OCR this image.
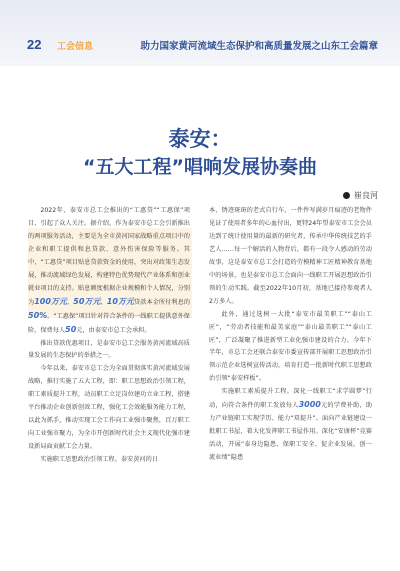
22 工会信息	助力国家黄河流域生态保护和高质量发展之山东工会篇章
泰安：
“五大工程”唱响发展协奏曲
崔良河

2022年，泰安市总工会推出的“工惠贷”“工惠保”项目，引起了众人关注。据介绍，作为泰安市总工会引新推出的两项服务活动，主要是为全市黄河国家战略重点项目中的企业和职工提供和息贷款、意外伤害保险等服务。其中，“工惠贷”项目贴息贷款资金的使用，突出对政策生态发展，推动流域绿色发展，构建特色优势现代产业体系和创业就业项目的支持。贴息额度根据企业规模和个人情况，分别为100万元、50万元、10万元贷款本金所付利息的50%。“工惠保”项目针对符合条件的一线职工提供意外保险，保费每人50元，由泰安市总工会承担。

推出贷款优惠项目，是泰安市总工会服务黄河流域高质量发展的生态保护的举措之一。

今年以来，泰安市总工会为全面贯彻落实黄河流域发展战略，推行实施了五大工程，即：职工思想政治引领工程，职工素质提升工程，动员职工立足岗位建功立业工程，搭建平台推动企业创新创效工程，强化工会效能服务能力工程，以此为抓手，推动实现工会工作向工业强市聚焦，百万职工向工业强市聚力，为全市开创新时代社会主义现代化强市建设新局面贡献工会力量。

实施职工思想政治引领工程。泰安黄河的日

本、锈迹斑斑的老式自行车，一件件写满岁月痕迹的老物件见证了使用者多年的心血付出，更特24年望泰安市工会会员达到了统计使用量的最新的研究者，传承中华传统技艺的手艺人……每一个解活的人物背后，都有一段令人感动的劳动故事，这是泰安市总工会打造的劳模精神工匠精神教育基地中的场景，也是泰安市总工会面向一线职工开展思想政治引领的生动实践。截至2022年10月初，基地已接待参观者人2万多人。

此外，通过选树一大批“泰安市最美职工”“泰山工匠”，“劳动者技能和最美家庭”“泰山最美职工”“泰山工匠”，广泛凝聚了推进新型工业化强市建设的合力。今年下半年，市总工会还联合泰安市委宣传部开展职工思想政治引领示范企业选树宣传活动，培育打造一批新时代职工思想政治引领“泰安样板”。

实施职工素质提升工程。深化一线职工“求学圆梦”行动，向符合条件的职工发放每人3000元的学费补助，助力产业链职工实现学历、能力“双提升”。面向产业链建设一批职工书屋，着大化发挥职工书屋作用。深化“安康杯”竞赛活动，开展“泰身边隐患、保职工安全、促企业发展，创一流业绩”隐患
